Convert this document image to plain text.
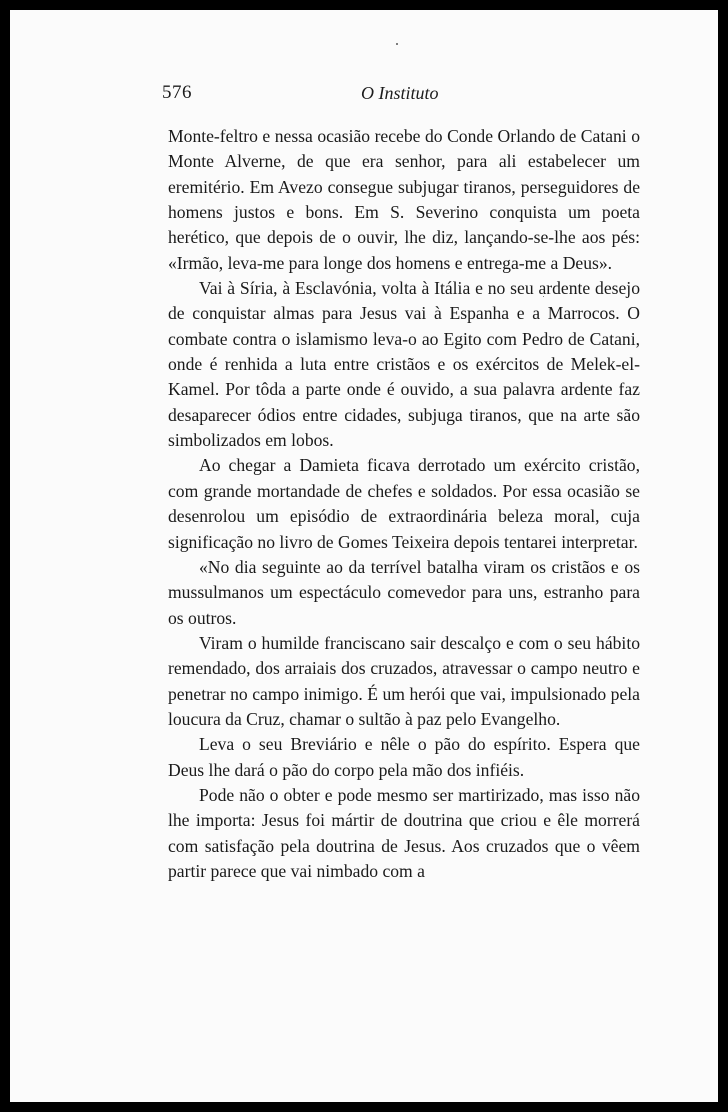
576	O Instituto

Monte-feltro e nessa ocasião recebe do Conde Orlando de Catani o Monte Alverne, de que era senhor, para ali estabelecer um eremitério. Em Avezo consegue subjugar tiranos, perseguidores de homens justos e bons. Em S. Severino conquista um poeta herético, que depois de o ouvir, lhe diz, lançando-se-lhe aos pés: «Irmão, leva-me para longe dos homens e entrega-me a Deus».

Vai à Síria, à Esclavónia, volta à Itália e no seu ardente desejo de conquistar almas para Jesus vai à Espanha e a Marrocos. O combate contra o islamismo leva-o ao Egito com Pedro de Catani, onde é renhida a luta entre cristãos e os exércitos de Melek-el-Kamel. Por tôda a parte onde é ouvido, a sua palavra ardente faz desaparecer ódios entre cidades, subjuga tiranos, que na arte são simbolizados em lobos.

Ao chegar a Damieta ficava derrotado um exército cristão, com grande mortandade de chefes e soldados. Por essa ocasião se desenrolou um episódio de extraordinária beleza moral, cuja significação no livro de Gomes Teixeira depois tentarei interpretar.

«No dia seguinte ao da terrível batalha viram os cristãos e os mussulmanos um espectáculo comevedor para uns, estranho para os outros.

Viram o humilde franciscano sair descalço e com o seu hábito remendado, dos arraiais dos cruzados, atravessar o campo neutro e penetrar no campo inimigo. É um herói que vai, impulsionado pela loucura da Cruz, chamar o sultão à paz pelo Evangelho.

Leva o seu Breviário e nêle o pão do espírito. Espera que Deus lhe dará o pão do corpo pela mão dos infiéis.

Pode não o obter e pode mesmo ser martirizado, mas isso não lhe importa: Jesus foi mártir de doutrina que criou e êle morrerá com satisfação pela doutrina de Jesus. Aos cruzados que o vêem partir parece que vai nimbado com a
